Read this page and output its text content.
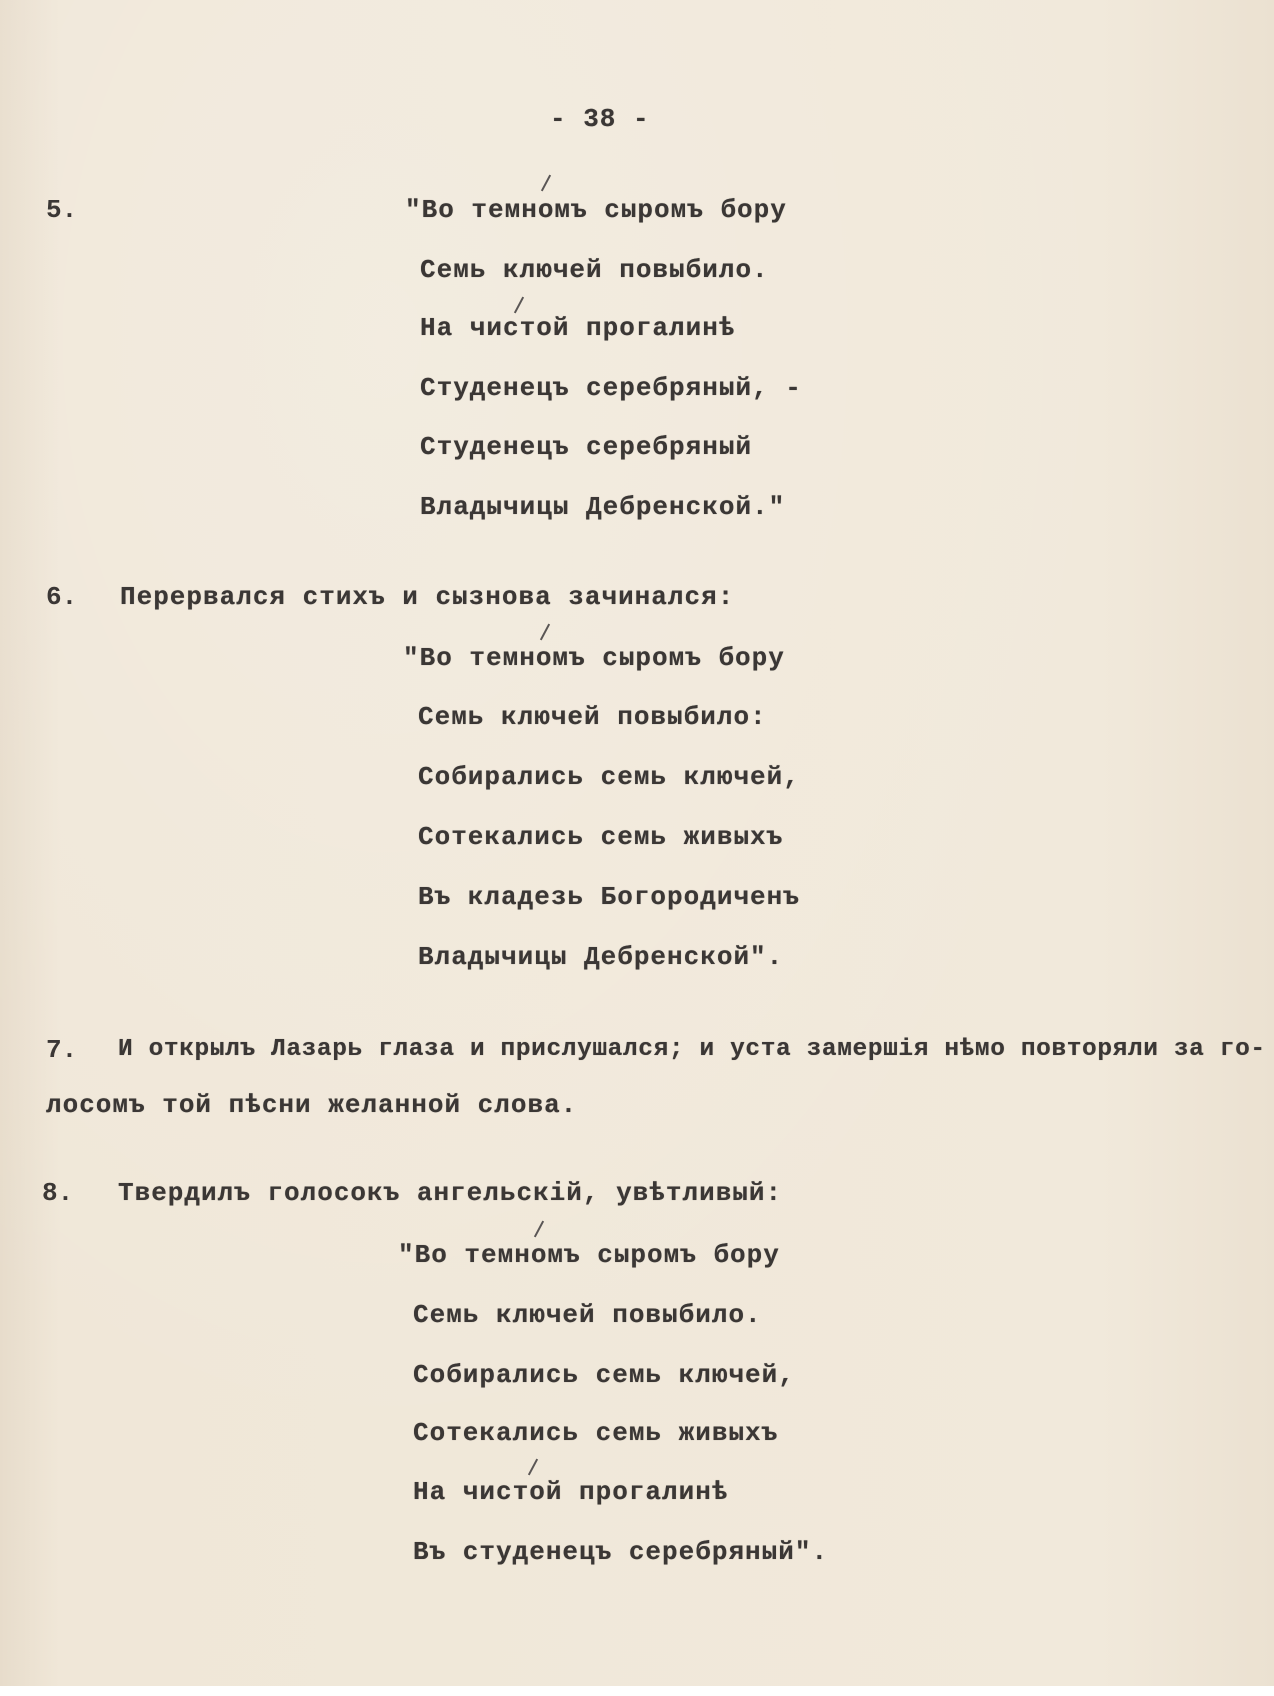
- 38 -
5.	"Во темномъ сыромъ бору
Семь ключей повыбило.
На чистой прогалинѣ
Студенецъ серебряный, -
Студенецъ серебряный
Владычицы Дебренской."
6. Перервался стихъ и сызнова зачинался:
"Во темномъ сыромъ бору
Семь ключей повыбило:
Собирались семь ключей,
Сотекались семь живыхъ
Въ кладезь Богородиченъ
Владычицы Дебренской".
7. И открылъ Лазарь глаза и прислушался; и уста замершія нѣмо повторяли за го-
лосомъ той пѣсни желанной слова.
8. Твердилъ голосокъ ангельскій, увѣтливый:
"Во темномъ сыромъ бору
Семь ключей повыбило.
Собирались семь ключей,
Сотекались семь живыхъ
На чистой прогалинѣ
Въ студенецъ серебряный".
